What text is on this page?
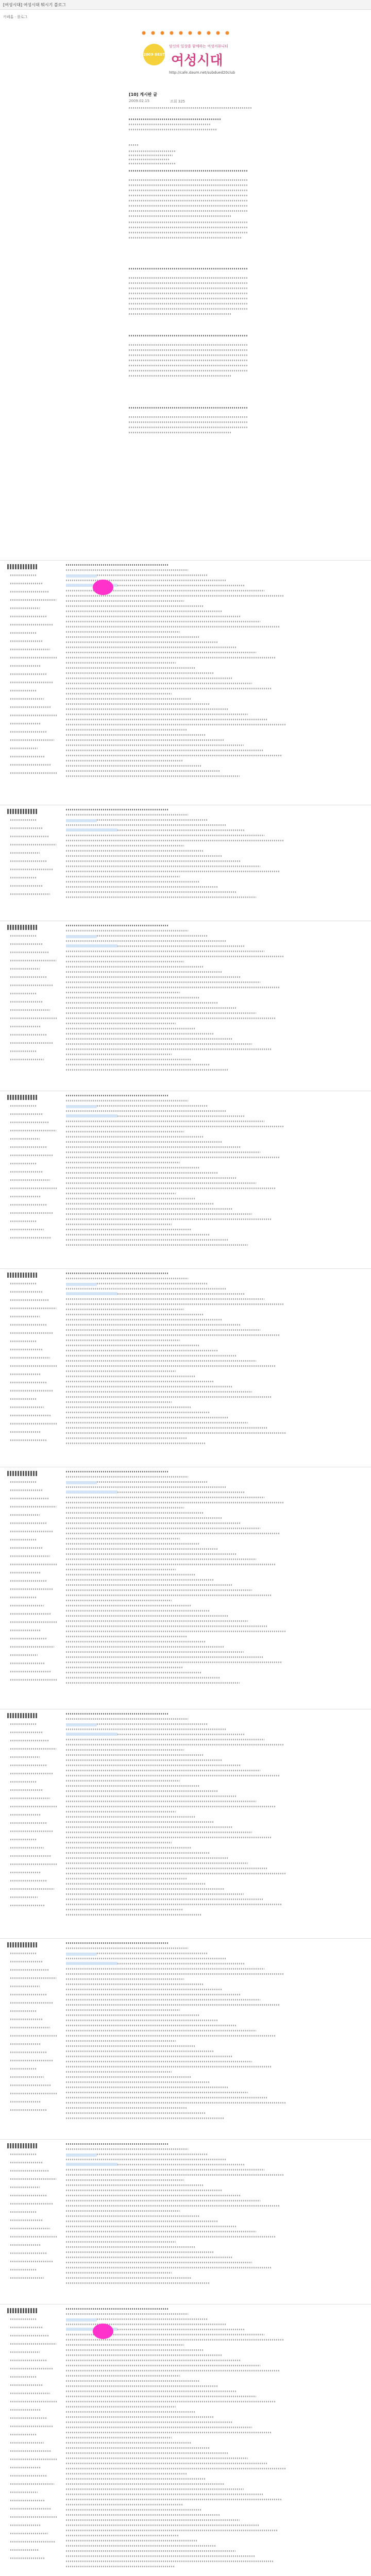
[여성시대] 여성시대 뭐시기 블로그
카페홈 · 블로그
2009 BEST
당신의 일상을 함께하는 여성커뮤니티
여성시대
http://cafe.daum.net/subdued20club
[10] 게시판 글
2009.02.15	조회 325
